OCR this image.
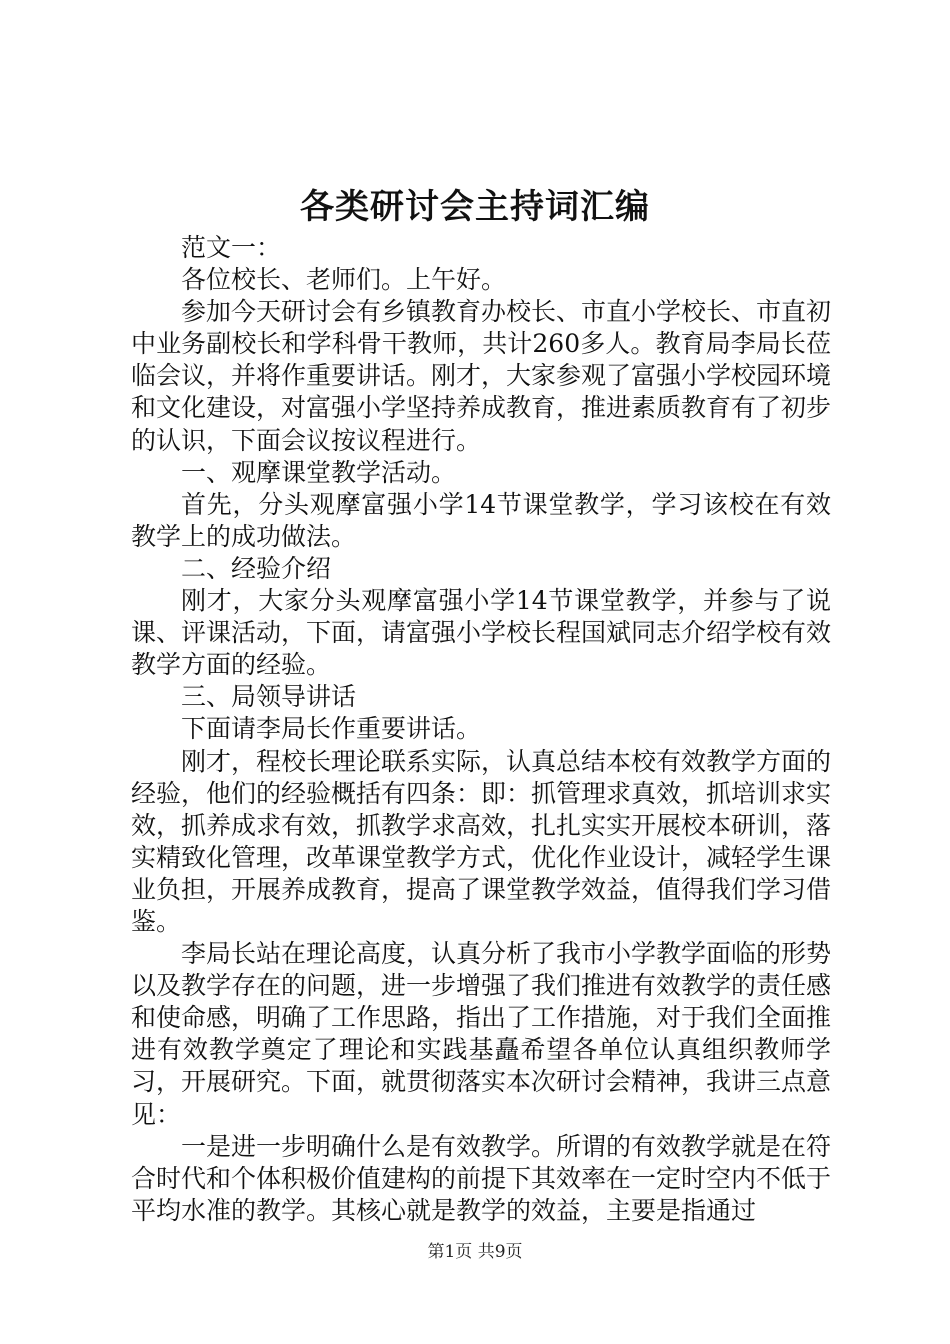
各类研讨会主持词汇编

范文一：

各位校长、老师们。上午好。

参加今天研讨会有乡镇教育办校长、市直小学校长、市直初中业务副校长和学科骨干教师，共计260多人。教育局李局长莅临会议，并将作重要讲话。刚才，大家参观了富强小学校园环境和文化建设，对富强小学坚持养成教育，推进素质教育有了初步的认识，下面会议按议程进行。

一、观摩课堂教学活动。

首先，分头观摩富强小学14节课堂教学，学习该校在有效教学上的成功做法。

二、经验介绍

刚才，大家分头观摩富强小学14节课堂教学，并参与了说课、评课活动，下面，请富强小学校长程国斌同志介绍学校有效教学方面的经验。

三、局领导讲话

下面请李局长作重要讲话。

刚才，程校长理论联系实际，认真总结本校有效教学方面的经验，他们的经验概括有四条：即：抓管理求真效，抓培训求实效，抓养成求有效，抓教学求高效，扎扎实实开展校本研训，落实精致化管理，改革课堂教学方式，优化作业设计，减轻学生课业负担，开展养成教育，提高了课堂教学效益，值得我们学习借鉴。

李局长站在理论高度，认真分析了我市小学教学面临的形势以及教学存在的问题，进一步增强了我们推进有效教学的责任感和使命感，明确了工作思路，指出了工作措施，对于我们全面推进有效教学奠定了理论和实践基矗希望各单位认真组织教师学习，开展研究。下面，就贯彻落实本次研讨会精神，我讲三点意见：

一是进一步明确什么是有效教学。所谓的有效教学就是在符合时代和个体积极价值建构的前提下其效率在一定时空内不低于平均水准的教学。其核心就是教学的效益，主要是指通过

第1页 共9页
